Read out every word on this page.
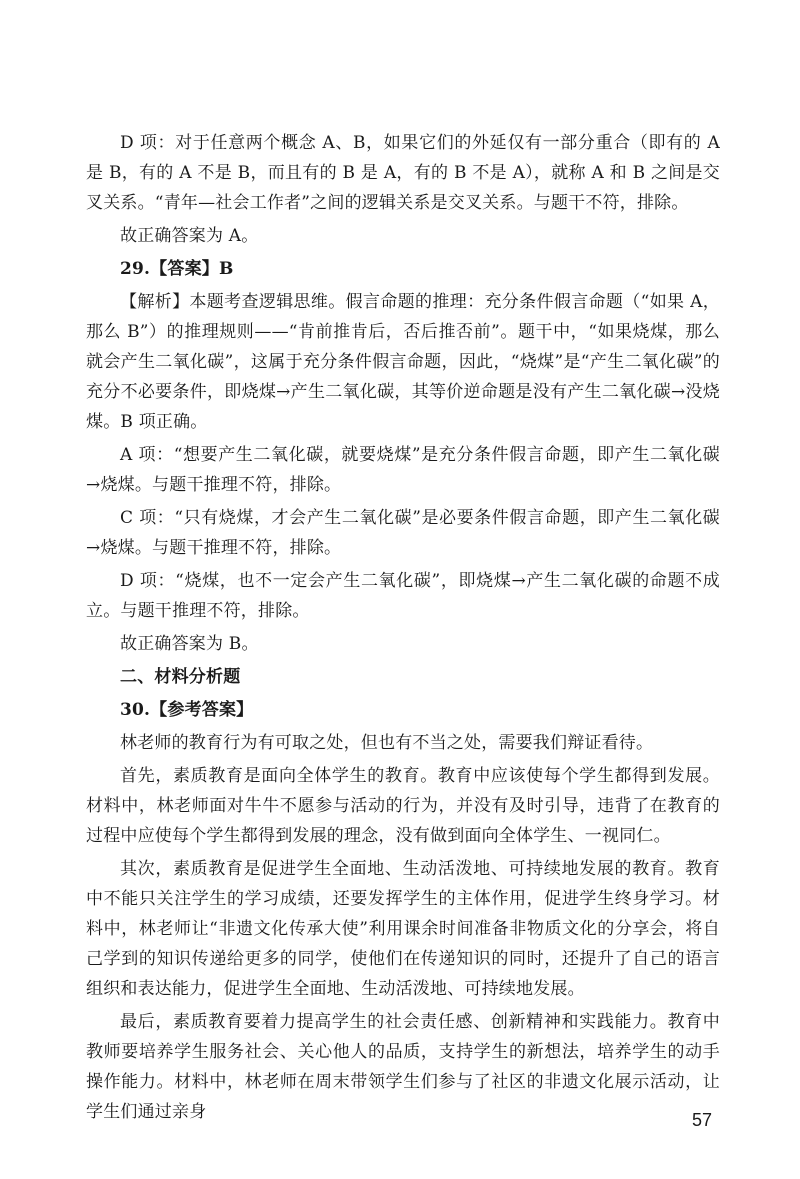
D 项：对于任意两个概念 A、B，如果它们的外延仅有一部分重合（即有的 A 是 B，有的 A 不是 B，而且有的 B 是 A，有的 B 不是 A），就称 A 和 B 之间是交叉关系。“青年—社会工作者”之间的逻辑关系是交叉关系。与题干不符，排除。

故正确答案为 A。

29.【答案】B

【解析】本题考查逻辑思维。假言命题的推理：充分条件假言命题（“如果 A，那么 B”）的推理规则——“肯前推肯后，否后推否前”。题干中，“如果烧煤，那么就会产生二氧化碳”，这属于充分条件假言命题，因此，“烧煤”是“产生二氧化碳”的充分不必要条件，即烧煤→产生二氧化碳，其等价逆命题是没有产生二氧化碳→没烧煤。B 项正确。

A 项：“想要产生二氧化碳，就要烧煤”是充分条件假言命题，即产生二氧化碳→烧煤。与题干推理不符，排除。

C 项：“只有烧煤，才会产生二氧化碳”是必要条件假言命题，即产生二氧化碳→烧煤。与题干推理不符，排除。

D 项：“烧煤，也不一定会产生二氧化碳”，即烧煤→产生二氧化碳的命题不成立。与题干推理不符，排除。

故正确答案为 B。

二、材料分析题

30.【参考答案】

林老师的教育行为有可取之处，但也有不当之处，需要我们辩证看待。

首先，素质教育是面向全体学生的教育。教育中应该使每个学生都得到发展。材料中，林老师面对牛牛不愿参与活动的行为，并没有及时引导，违背了在教育的过程中应使每个学生都得到发展的理念，没有做到面向全体学生、一视同仁。

其次，素质教育是促进学生全面地、生动活泼地、可持续地发展的教育。教育中不能只关注学生的学习成绩，还要发挥学生的主体作用，促进学生终身学习。材料中，林老师让“非遗文化传承大使”利用课余时间准备非物质文化的分享会，将自己学到的知识传递给更多的同学，使他们在传递知识的同时，还提升了自己的语言组织和表达能力，促进学生全面地、生动活泼地、可持续地发展。

最后，素质教育要着力提高学生的社会责任感、创新精神和实践能力。教育中教师要培养学生服务社会、关心他人的品质，支持学生的新想法，培养学生的动手操作能力。材料中，林老师在周末带领学生们参与了社区的非遗文化展示活动，让学生们通过亲身	57
